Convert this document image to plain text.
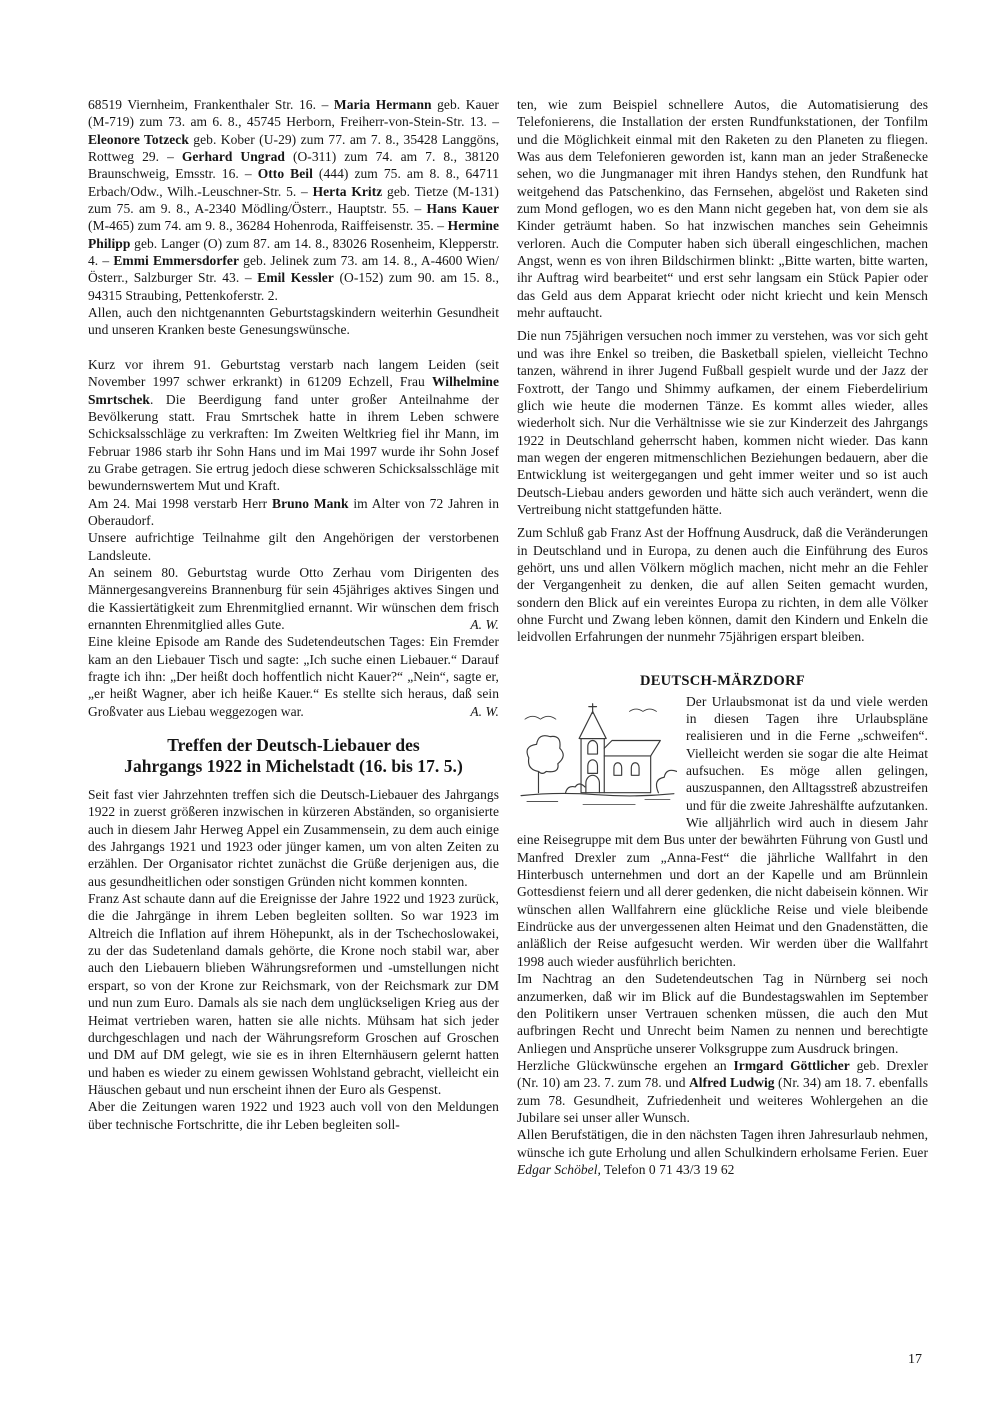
68519 Viernheim, Frankenthaler Str. 16. – Maria Hermann geb. Kauer (M-719) zum 73. am 6. 8., 45745 Herborn, Freiherr-von-Stein-Str. 13. – Eleonore Totzeck geb. Kober (U-29) zum 77. am 7. 8., 35428 Langgöns, Rottweg 29. – Gerhard Ungrad (O-311) zum 74. am 7. 8., 38120 Braunschweig, Emsstr. 16. – Otto Beil (444) zum 75. am 8. 8., 64711 Erbach/Odw., Wilh.-Leuschner-Str. 5. – Herta Kritz geb. Tietze (M-131) zum 75. am 9. 8., A-2340 Mödling/Österr., Hauptstr. 55. – Hans Kauer (M-465) zum 74. am 9. 8., 36284 Hohenroda, Raiffeisenstr. 35. – Hermine Philipp geb. Langer (O) zum 87. am 14. 8., 83026 Rosenheim, Klepperstr. 4. – Emmi Emmersdorfer geb. Jelinek zum 73. am 14. 8., A-4600 Wien/Österr., Salzburger Str. 43. – Emil Kessler (O-152) zum 90. am 15. 8., 94315 Straubing, Pettenkoferstr. 2.

Allen, auch den nichtgenannten Geburtstagskindern weiterhin Gesundheit und unseren Kranken beste Genesungswünsche.

Kurz vor ihrem 91. Geburtstag verstarb nach langem Leiden (seit November 1997 schwer erkrankt) in 61209 Echzell, Frau Wilhelmine Smrtschek. Die Beerdigung fand unter großer Anteilnahme der Bevölkerung statt. Frau Smrtschek hatte in ihrem Leben schwere Schicksalsschläge zu verkraften: Im Zweiten Weltkrieg fiel ihr Mann, im Februar 1986 starb ihr Sohn Hans und im Mai 1997 wurde ihr Sohn Josef zu Grabe getragen. Sie ertrug jedoch diese schweren Schicksalsschläge mit bewundernswertem Mut und Kraft.

Am 24. Mai 1998 verstarb Herr Bruno Mank im Alter von 72 Jahren in Oberaudorf.

Unsere aufrichtige Teilnahme gilt den Angehörigen der verstorbenen Landsleute.

An seinem 80. Geburtstag wurde Otto Zerhau vom Dirigenten des Männergesangvereins Brannenburg für sein 45jähriges aktives Singen und die Kassiertätigkeit zum Ehrenmitglied ernannt. Wir wünschen dem frisch ernannten Ehrenmitglied alles Gute.	A. W.

Eine kleine Episode am Rande des Sudetendeutschen Tages: Ein Fremder kam an den Liebauer Tisch und sagte: „Ich suche einen Liebauer.“ Darauf fragte ich ihn: „Der heißt doch hoffentlich nicht Kauer?“ „Nein“, sagte er, „er heißt Wagner, aber ich heiße Kauer.“ Es stellte sich heraus, daß sein Großvater aus Liebau weggezogen war.	A. W.

Treffen der Deutsch-Liebauer des
Jahrgangs 1922 in Michelstadt (16. bis 17. 5.)

Seit fast vier Jahrzehnten treffen sich die Deutsch-Liebauer des Jahrgangs 1922 in zuerst größeren inzwischen in kürzeren Abständen, so organisierte auch in diesem Jahr Herweg Appel ein Zusammensein, zu dem auch einige des Jahrgangs 1921 und 1923 oder jünger kamen, um von alten Zeiten zu erzählen. Der Organisator richtet zunächst die Grüße derjenigen aus, die aus gesundheitlichen oder sonstigen Gründen nicht kommen konnten.

Franz Ast schaute dann auf die Ereignisse der Jahre 1922 und 1923 zurück, die die Jahrgänge in ihrem Leben begleiten sollten. So war 1923 im Altreich die Inflation auf ihrem Höhepunkt, als in der Tschechoslowakei, zu der das Sudetenland damals gehörte, die Krone noch stabil war, aber auch den Liebauern blieben Währungsreformen und -umstellungen nicht erspart, so von der Krone zur Reichsmark, von der Reichsmark zur DM und nun zum Euro. Damals als sie nach dem unglückseligen Krieg aus der Heimat vertrieben waren, hatten sie alle nichts. Mühsam hat sich jeder durchgeschlagen und nach der Währungsreform Groschen auf Groschen und DM auf DM gelegt, wie sie es in ihren Elternhäusern gelernt hatten und haben es wieder zu einem gewissen Wohlstand gebracht, vielleicht ein Häuschen gebaut und nun erscheint ihnen der Euro als Gespenst.

Aber die Zeitungen waren 1922 und 1923 auch voll von den Meldungen über technische Fortschritte, die ihr Leben begleiten soll-

ten, wie zum Beispiel schnellere Autos, die Automatisierung des Telefonierens, die Installation der ersten Rundfunkstationen, der Tonfilm und die Möglichkeit einmal mit den Raketen zu den Planeten zu fliegen. Was aus dem Telefonieren geworden ist, kann man an jeder Straßenecke sehen, wo die Jungmanager mit ihren Handys stehen, den Rundfunk hat weitgehend das Patschenkino, das Fernsehen, abgelöst und Raketen sind zum Mond geflogen, wo es den Mann nicht gegeben hat, von dem sie als Kinder geträumt haben. So hat inzwischen manches sein Geheimnis verloren. Auch die Computer haben sich überall eingeschlichen, machen Angst, wenn es von ihren Bildschirmen blinkt: „Bitte warten, bitte warten, ihr Auftrag wird bearbeitet“ und erst sehr langsam ein Stück Papier oder das Geld aus dem Apparat kriecht oder nicht kriecht und kein Mensch mehr auftaucht.

Die nun 75jährigen versuchen noch immer zu verstehen, was vor sich geht und was ihre Enkel so treiben, die Basketball spielen, vielleicht Techno tanzen, während in ihrer Jugend Fußball gespielt wurde und der Jazz der Foxtrott, der Tango und Shimmy aufkamen, der einem Fieberdelirium glich wie heute die modernen Tänze. Es kommt alles wieder, alles wiederholt sich. Nur die Verhältnisse wie sie zur Kinderzeit des Jahrgangs 1922 in Deutschland geherrscht haben, kommen nicht wieder. Das kann man wegen der engeren mitmenschlichen Beziehungen bedauern, aber die Entwicklung ist weitergegangen und geht immer weiter und so ist auch Deutsch-Liebau anders geworden und hätte sich auch verändert, wenn die Vertreibung nicht stattgefunden hätte.

Zum Schluß gab Franz Ast der Hoffnung Ausdruck, daß die Veränderungen in Deutschland und in Europa, zu denen auch die Einführung des Euros gehört, uns und allen Völkern möglich machen, nicht mehr an die Fehler der Vergangenheit zu denken, die auf allen Seiten gemacht wurden, sondern den Blick auf ein vereintes Europa zu richten, in dem alle Völker ohne Furcht und Zwang leben können, damit den Kindern und Enkeln die leidvollen Erfahrungen der nunmehr 75jährigen erspart bleiben.

DEUTSCH-MÄRZDORF

Der Urlaubsmonat ist da und viele werden in diesen Tagen ihre Urlaubspläne realisieren und in die Ferne „schweifen“. Vielleicht werden sie sogar die alte Heimat aufsuchen. Es möge allen gelingen, auszuspannen, den Alltagsstreß abzustreifen und für die zweite Jahreshälfte aufzutanken. Wie alljährlich wird auch in diesem Jahr eine Reisegruppe mit dem Bus unter der bewährten Führung von Gustl und Manfred Drexler zum „Anna-Fest“ die jährliche Wallfahrt in den Hinterbusch unternehmen und dort an der Kapelle und am Brünnlein Gottesdienst feiern und all derer gedenken, die nicht dabeisein können. Wir wünschen allen Wallfahrern eine glückliche Reise und viele bleibende Eindrücke aus der unvergessenen alten Heimat und den Gnadenstätten, die anläßlich der Reise aufgesucht werden. Wir werden über die Wallfahrt 1998 auch wieder ausführlich berichten.

Im Nachtrag an den Sudetendeutschen Tag in Nürnberg sei noch anzumerken, daß wir im Blick auf die Bundestagswahlen im September den Politikern unser Vertrauen schenken müssen, die auch den Mut aufbringen Recht und Unrecht beim Namen zu nennen und berechtigte Anliegen und Ansprüche unserer Volksgruppe zum Ausdruck bringen.

Herzliche Glückwünsche ergehen an Irmgard Göttlicher geb. Drexler (Nr. 10) am 23. 7. zum 78. und Alfred Ludwig (Nr. 34) am 18. 7. ebenfalls zum 78. Gesundheit, Zufriedenheit und weiteres Wohlergehen an die Jubilare sei unser aller Wunsch.

Allen Berufstätigen, die in den nächsten Tagen ihren Jahresurlaub nehmen, wünsche ich gute Erholung und allen Schulkindern erholsame Ferien. Euer Edgar Schöbel, Telefon 0 71 43/3 19 62

17
